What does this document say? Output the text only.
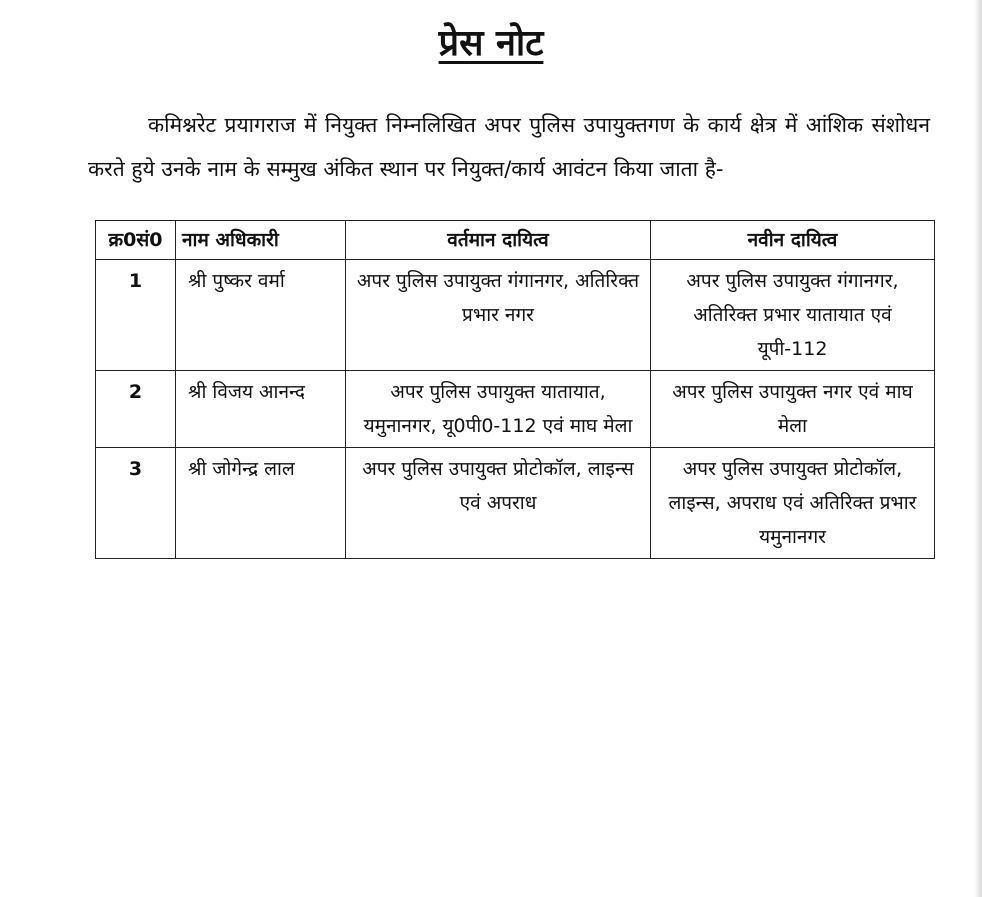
प्रेस नोट

कमिश्नरेट प्रयागराज में नियुक्त निम्नलिखित अपर पुलिस उपायुक्तगण के कार्य क्षेत्र में आंशिक संशोधन करते हुये उनके नाम के सम्मुख अंकित स्थान पर नियुक्त/कार्य आवंटन किया जाता है-

क्र0सं0	नाम अधिकारी	वर्तमान दायित्व	नवीन दायित्व
1	श्री पुष्कर वर्मा	अपर पुलिस उपायुक्त गंगानगर, अतिरिक्त प्रभार नगर	अपर पुलिस उपायुक्त गंगानगर, अतिरिक्त प्रभार यातायात एवं यूपी-112
2	श्री विजय आनन्द	अपर पुलिस उपायुक्त यातायात, यमुनानगर, यू0पी0-112 एवं माघ मेला	अपर पुलिस उपायुक्त नगर एवं माघ मेला
3	श्री जोगेन्द्र लाल	अपर पुलिस उपायुक्त प्रोटोकॉल, लाइन्स एवं अपराध	अपर पुलिस उपायुक्त प्रोटोकॉल, लाइन्स, अपराध एवं अतिरिक्त प्रभार यमुनानगर
